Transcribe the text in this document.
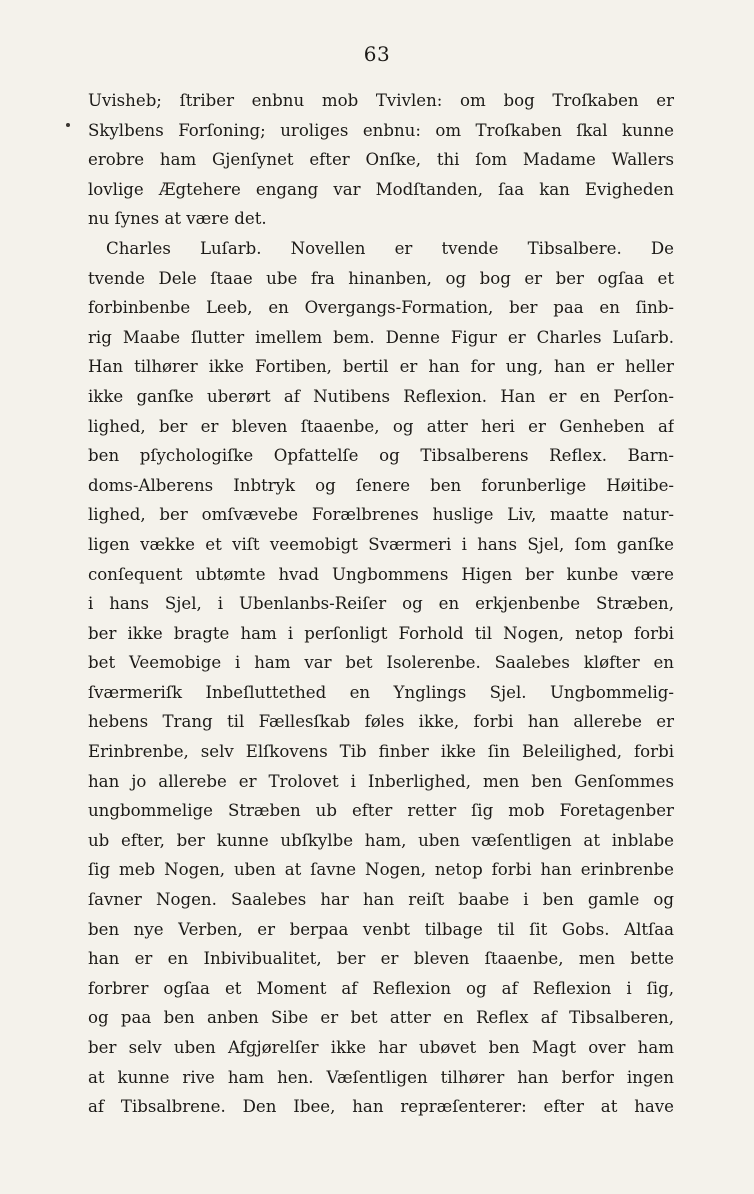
63
Uvisheb; ſtriber enbnu mob Tvivlen: om bog Troſkaben er
Skylbens Forſoning; uroliges enbnu: om Troſkaben ſkal kunne
erobre ham Gjenſynet efter Onſke, thi ſom Madame Wallers
lovlige Ægtehere engang var Modſtanden, ſaa kan Evigheden
nu ſynes at være det.
Charles Luſarb. Novellen er tvende Tibsalbere. De
tvende Dele ſtaae ube fra hinanben, og bog er ber ogſaa et
forbinbenbe Leeb, en Overgangs-Formation, ber paa en ſinb-
rig Maabe ſlutter imellem bem. Denne Figur er Charles Luſarb.
Han tilhører ikke Fortiben, bertil er han for ung, han er heller
ikke ganſke uberørt af Nutibens Reflexion. Han er en Perſon-
lighed, ber er bleven ſtaaenbe, og atter heri er Genheben af
ben pſychologiſke Opfattelſe og Tibsalberens Reflex. Barn-
doms-Alberens Inbtryk og ſenere ben forunberlige Høitibe-
lighed, ber omſvævebe Forælbrenes huslige Liv, maatte natur-
ligen vække et viſt veemobigt Sværmeri i hans Sjel, ſom ganſke
conſequent ubtømte hvad Ungbommens Higen ber kunbe være
i hans Sjel, i Ubenlanbs-Reiſer og en erkjenbenbe Stræben,
ber ikke bragte ham i perſonligt Forhold til Nogen, netop forbi
bet Veemobige i ham var bet Isolerenbe. Saalebes kløfter en
ſværmeriſk Inbeſluttethed en Ynglings Sjel. Ungbommelig-
hebens Trang til Fællesſkab føles ikke, forbi han allerebe er
Erinbrenbe, selv Elſkovens Tib finber ikke ſin Beleilighed, forbi
han jo allerebe er Trolovet i Inberlighed, men ben Genſommes
ungbommelige Stræben ub efter retter ſig mob Foretagenber
ub efter, ber kunne ubſkylbe ham, uben væſentligen at inblabe
ſig meb Nogen, uben at ſavne Nogen, netop forbi han erinbrenbe
ſavner Nogen. Saalebes har han reiſt baabe i ben gamle og
ben nye Verben, er berpaa venbt tilbage til ſit Gobs. Altſaa
han er en Inbivibualitet, ber er bleven ſtaaenbe, men bette
forbrer ogſaa et Moment af Reflexion og af Reflexion i ſig,
og paa ben anben Sibe er bet atter en Reflex af Tibsalberen,
ber selv uben Afgjørelſer ikke har ubøvet ben Magt over ham
at kunne rive ham hen. Væſentligen tilhører han berfor ingen
af Tibsalbrene. Den Ibee, han repræſenterer: efter at have
